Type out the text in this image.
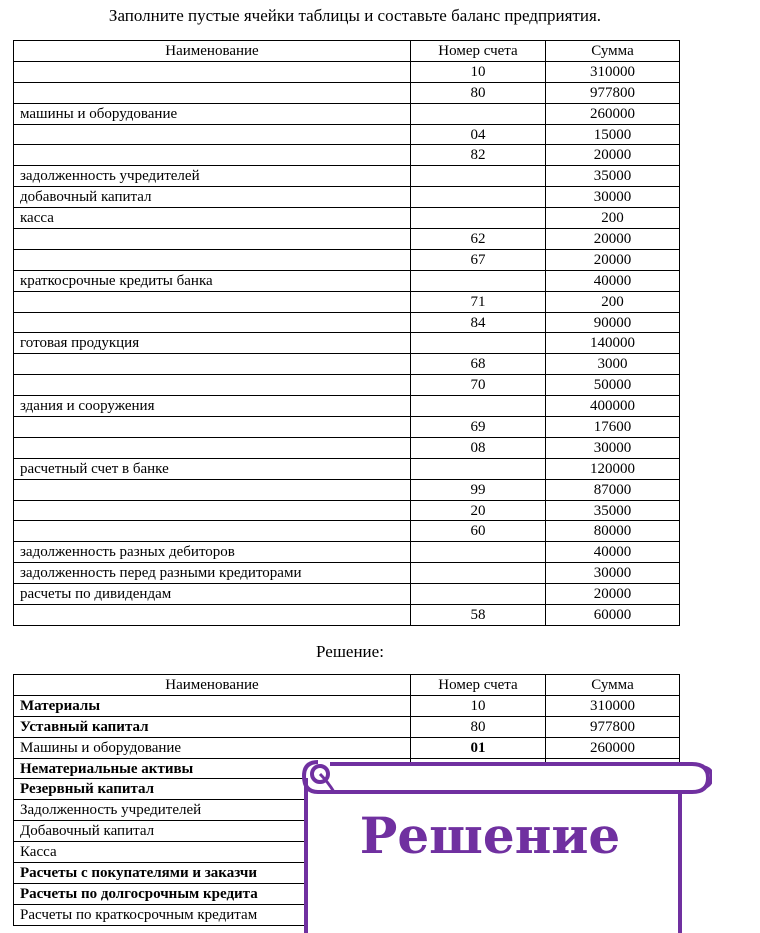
Заполните пустые ячейки таблицы и составьте баланс предприятия.
Наименование	Номер счета	Сумма
	10	310000
	80	977800
машины и оборудование		260000
	04	15000
	82	20000
задолженность учредителей		35000
добавочный капитал		30000
касса		200
	62	20000
	67	20000
краткосрочные кредиты банка		40000
	71	200
	84	90000
готовая продукция		140000
	68	3000
	70	50000
здания и сооружения		400000
	69	17600
	08	30000
расчетный счет в банке		120000
	99	87000
	20	35000
	60	80000
задолженность разных дебиторов		40000
задолженность перед разными кредиторами		30000
расчеты по дивидендам		20000
	58	60000
Решение:
Наименование	Номер счета	Сумма
Материалы	10	310000
Уставный капитал	80	977800
Машины и оборудование	01	260000
Нематериальные активы		
Резервный капитал		
Задолженность учредителей		
Добавочный капитал		
Касса		
Расчеты с покупателями и заказчи		
Расчеты по долгосрочным кредита		
Расчеты по краткосрочным кредитам		
Решение
